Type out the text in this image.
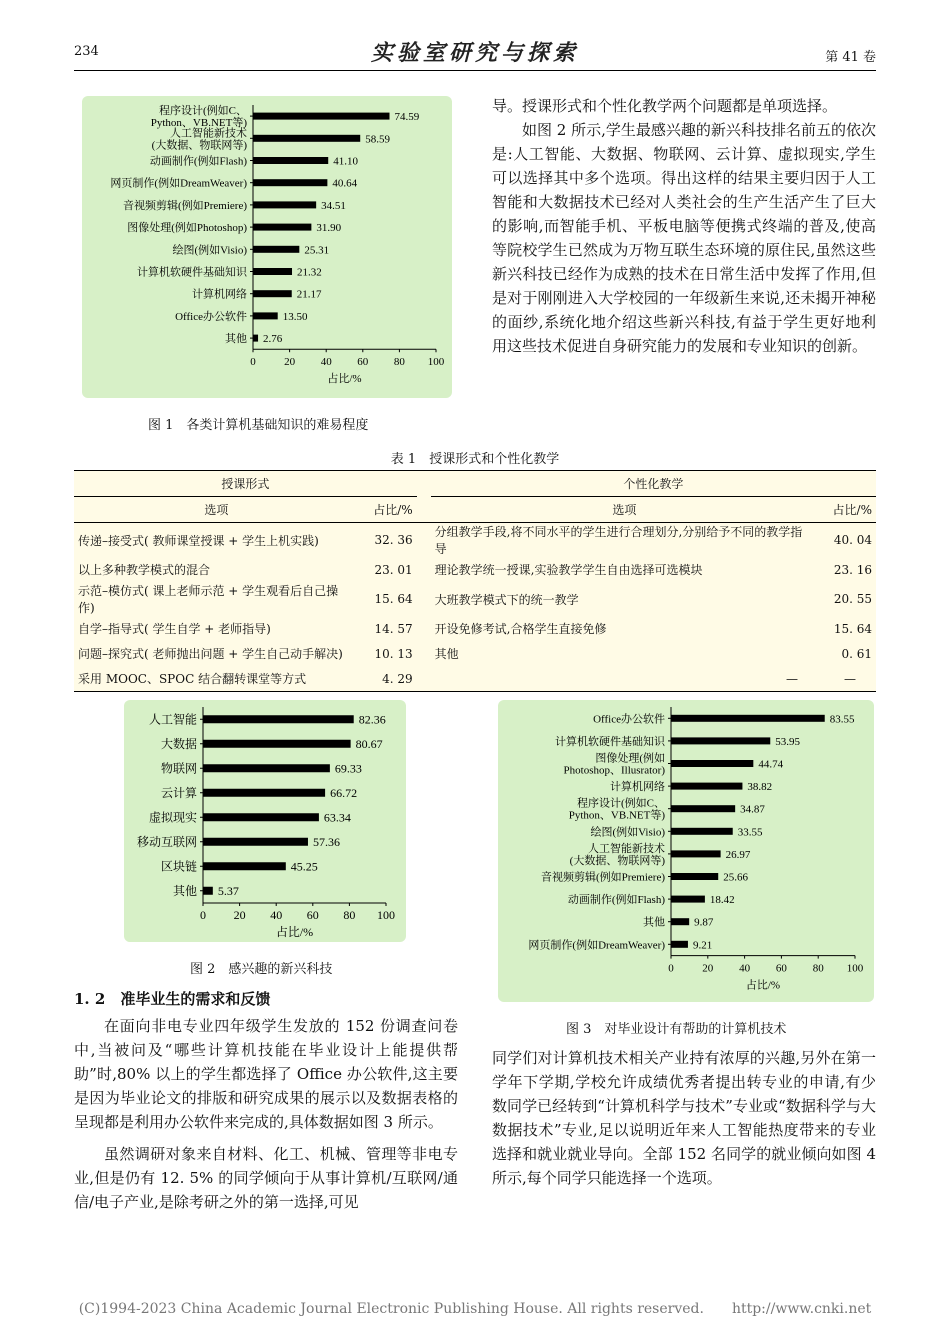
234	实验室研究与探索	第 41 卷
74.59
程序设计(例如C、
Python、VB.NET等)
58.59
人工智能新技术
(大数据、物联网等)
41.10
动画制作(例如Flash)
40.64
网页制作(例如DreamWeaver)
34.51
音视频剪辑(例如Premiere)
31.90
图像处理(例如Photoshop)
25.31
绘图(例如Visio)
21.32
计算机软硬件基础知识
21.17
计算机网络
13.50
Office办公软件
2.76
其他
0	20 40 60 80 100
占比/%
图 1　各类计算机基础知识的难易程度

导。授课形式和个性化教学两个问题都是单项选择。

如图 2 所示,学生最感兴趣的新兴科技排名前五的依次是:人工智能、大数据、物联网、云计算、虚拟现实,学生可以选择其中多个选项。得出这样的结果主要归因于人工智能和大数据技术已经对人类社会的生产生活产生了巨大的影响,而智能手机、平板电脑等便携式终端的普及,使高等院校学生已然成为万物互联生态环境的原住民,虽然这些新兴科技已经作为成熟的技术在日常生活中发挥了作用,但是对于刚刚进入大学校园的一年级新生来说,还未揭开神秘的面纱,系统化地介绍这些新兴科技,有益于学生更好地利用这些技术促进自身研究能力的发展和专业知识的创新。

表 1　授课形式和个性化教学
授课形式			个性化教学	
选项	占比/%		选项	占比/%
传递–接受式( 教师课堂授课 + 学生上机实践)	32. 36		分组教学手段,将不同水平的学生进行合理划分,分别给予不同的教学指导	40. 04
以上多种教学模式的混合	23. 01		理论教学统一授课,实验教学学生自由选择可选模块	23. 16
示范–模仿式( 课上老师示范 + 学生观看后自己操作)	15. 64		大班教学模式下的统一教学	20. 55
自学–指导式( 学生自学 + 老师指导)	14. 57		开设免修考试,合格学生直接免修	15. 64
问题–探究式( 老师抛出问题 + 学生自己动手解决)	10. 13		其他	0. 61
采用 MOOC、SPOC 结合翻转课堂等方式	4. 29		—	—
82.36
人工智能
80.67
大数据
69.33
物联网
66.72
云计算
63.34
虚拟现实
57.36
移动互联网
45.25
区块链
5.37
其他
0 20 40 60 80 100
占比/%
图 2　感兴趣的新兴科技
83.55
Office办公软件
53.95
计算机软硬件基础知识
44.74
图像处理(例如
Photoshop、Illusrator)
38.82
计算机网络
34.87
程序设计(例如C、
Python、VB.NET等)
33.55
绘图(例如Visio)
26.97
人工智能新技术
(大数据、物联网等)
25.66
音视频剪辑(例如Premiere)
18.42
动画制作(例如Flash)
9.87
其他
9.21
网页制作(例如DreamWeaver)
0	20 40 60 80 100
占比/%
图 3　对毕业设计有帮助的计算机技术
1. 2　准毕业生的需求和反馈

在面向非电专业四年级学生发放的 152 份调查问卷中,当被问及“哪些计算机技能在毕业设计上能提供帮助”时,80% 以上的学生都选择了 Office 办公软件,这主要是因为毕业论文的排版和研究成果的展示以及数据表格的呈现都是利用办公软件来完成的,具体数据如图 3 所示。

虽然调研对象来自材料、化工、机械、管理等非电专业,但是仍有 12. 5% 的同学倾向于从事计算机/互联网/通信/电子产业,是除考研之外的第一选择,可见

同学们对计算机技术相关产业持有浓厚的兴趣,另外在第一学年下学期,学校允许成绩优秀者提出转专业的申请,有少数同学已经转到“计算机科学与技术”专业或“数据科学与大数据技术”专业,足以说明近年来人工智能热度带来的专业选择和就业就业导向。全部 152 名同学的就业倾向如图 4 所示,每个同学只能选择一个选项。

(C)1994-2023 China Academic Journal Electronic Publishing House. All rights reserved.　　http://www.cnki.net
